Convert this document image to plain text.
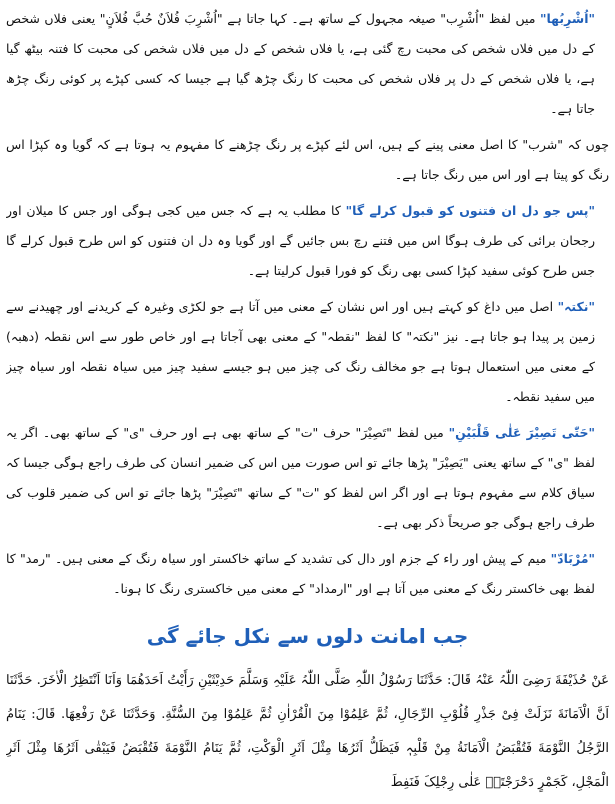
"اُشْرِبُھا" میں لفظ "اُشْرِب" صیغہ مجہول کے ساتھ ہے۔ کہا جاتا ہے "اُشْرِبَ فُلاَنٌ حُبَّ فُلاَنٍ" یعنی فلاں شخص کے دل میں فلاں شخص کی محبت رچ گئی ہے، یا فلاں شخص کے دل میں فلاں شخص کی محبت کا فتنہ بیٹھ گیا ہے، یا فلاں شخص کے دل پر فلاں شخص کی محبت کا رنگ چڑھ گیا ہے جیسا کہ کسی کپڑے پر کوئی رنگ چڑھ جاتا ہے۔

چوں کہ "شرب" کا اصل معنی پینے کے ہیں، اس لئے کپڑے پر رنگ چڑھنے کا مفہوم یہ ہوتا ہے کہ گویا وہ کپڑا اس رنگ کو پیتا ہے اور اس میں رنگ جاتا ہے۔

"پس جو دل ان فتنوں کو قبول کرلے گا" کا مطلب یہ ہے کہ جس میں کجی ہوگی اور جس کا میلان اور رجحان برائی کی طرف ہوگا اس میں فتنے رچ بس جائیں گے اور گویا وہ دل ان فتنوں کو اس طرح قبول کرلے گا جس طرح کوئی سفید کپڑا کسی بھی رنگ کو فورا قبول کرلیتا ہے۔

"نکتہ" اصل میں داغ کو کہتے ہیں اور اس نشان کے معنی میں آتا ہے جو لکڑی وغیرہ کے کریدنے اور چھیدنے سے زمین پر پیدا ہو جاتا ہے۔ نیز "نکتہ" کا لفظ "نقطہ" کے معنی بھی آجاتا ہے اور خاص طور سے اس نقطہ (دھبہ) کے معنی میں استعمال ہوتا ہے جو مخالف رنگ کی چیز میں ہو جیسے سفید چیز میں سیاہ نقطہ اور سیاہ چیز میں سفید نقطہ۔

"حَتّٰی تَصِیْرَ عَلٰی قَلْبَیْنِ" میں لفظ "تَصِیْرَ" حرف "ت" کے ساتھ بھی ہے اور حرف "ی" کے ساتھ بھی۔ اگر یہ لفظ "ی" کے ساتھ یعنی "یَصِیْرَ" پڑھا جائے تو اس صورت میں اس کی ضمیر انسان کی طرف راجع ہوگی جیسا کہ سیاق کلام سے مفہوم ہوتا ہے اور اگر اس لفظ کو "ت" کے ساتھ "تَصِیْرَ" پڑھا جائے تو اس کی ضمیر قلوب کی طرف راجع ہوگی جو صریحاً ذکر بھی ہے۔

"مُرْبَادّ" میم کے پیش اور راء کے جزم اور دال کی تشدید کے ساتھ خاکستر اور سیاہ رنگ کے معنی ہیں۔ "رمد" کا لفظ بھی خاکستر رنگ کے معنی میں آتا ہے اور "ارمداد" کے معنی میں خاکستری رنگ کا ہونا۔

جب امانت دلوں سے نکل جائے گی

عَنْ حُذَیْفَةَ رَضِیَ اللّٰہُ عَنْہُ قَالَ: حَدَّثَنَا رَسُوْلُ اللّٰہِ صَلَّی اللّٰہُ عَلَیْہِ وَسَلَّمَ حَدِیْثَیْنِ رَأَیْتُ اَحَدَھُمَا وَاَنَا اَنْتَظِرُ الْاٰخَرَ. حَدَّثَنَا اَنَّ الْاَمَانَةَ نَزَلَتْ فِیْ جَذْرِ قُلُوْبِ الرِّجَالِ، ثُمَّ عَلِمُوْا مِنَ الْقُرْاٰنِ ثُمَّ عَلِمُوْا مِنَ السُّنَّةِ. وَحَدَّثَنَا عَنْ رَفْعِھَا. قَالَ: یَنَامُ الرَّجُلُ النَّوْمَةَ فَتُقْبَضُ الْاَمَانَةُ مِنْ قَلْبِہٖ فَیَظَلُّ اَثَرُھَا مِثْلَ اَثَرِ الْوَکْتِ، ثُمَّ یَنَامُ النَّوْمَةَ فَتُقْبَضُ فَیَبْقٰی اَثَرُھَا مِثْلَ اَثَرِ الْمَجْلِ، کَجَمْرٍ دَحْرَجْتَہٗ عَلٰی رِجْلِکَ فَنَفِطَ
